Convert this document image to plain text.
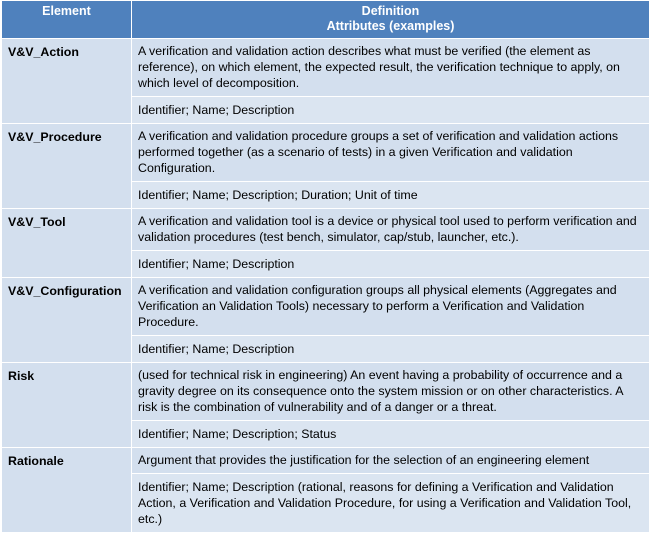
Element	Definition
Attributes (examples)

V&V_Action	A verification and validation action describes what must be verified (the element as reference), on which element, the expected result, the verification technique to apply, on which level of decomposition.
	Identifier; Name; Description
V&V_Procedure	A verification and validation procedure groups a set of verification and validation actions performed together (as a scenario of tests) in a given Verification and validation Configuration.
	Identifier; Name; Description; Duration; Unit of time
V&V_Tool	A verification and validation tool is a device or physical tool used to perform verification and validation procedures (test bench, simulator, cap/stub, launcher, etc.).
	Identifier; Name; Description
V&V_Configuration	A verification and validation configuration groups all physical elements (Aggregates and Verification an Validation Tools) necessary to perform a Verification and Validation Procedure.
	Identifier; Name; Description
Risk	(used for technical risk in engineering) An event having a probability of occurrence and a gravity degree on its consequence onto the system mission or on other characteristics. A risk is the combination of vulnerability and of a danger or a threat.
	Identifier; Name; Description; Status
Rationale	Argument that provides the justification for the selection of an engineering element
	Identifier; Name; Description (rational, reasons for defining a Verification and Validation Action, a Verification and Validation Procedure, for using a Verification and Validation Tool, etc.)
